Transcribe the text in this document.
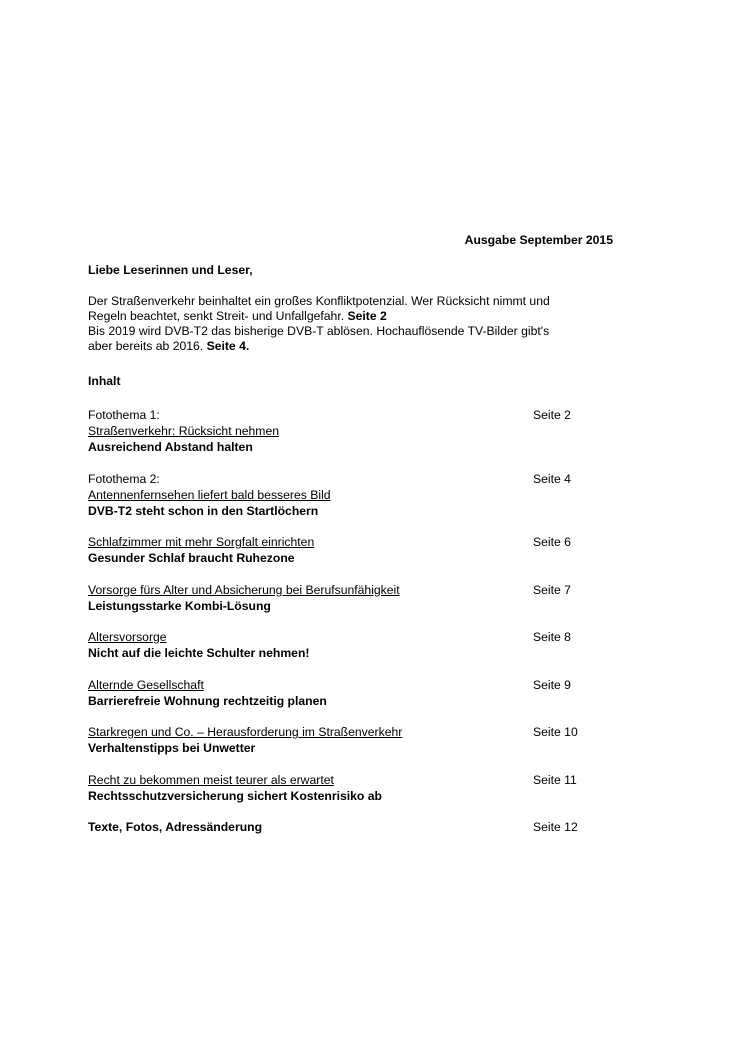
Ausgabe September 2015
Liebe Leserinnen und Leser,
Der Straßenverkehr beinhaltet ein großes Konfliktpotenzial. Wer Rücksicht nimmt und
Regeln beachtet, senkt Streit- und Unfallgefahr. Seite 2
Bis 2019 wird DVB-T2 das bisherige DVB-T ablösen. Hochauflösende TV-Bilder gibt's
aber bereits ab 2016. Seite 4.
Inhalt
Fotothema 1:
Straßenverkehr: Rücksicht nehmen
Ausreichend Abstand halten
Seite 2
Fotothema 2:
Antennenfernsehen liefert bald besseres Bild
DVB-T2 steht schon in den Startlöchern
Seite 4
Schlafzimmer mit mehr Sorgfalt einrichten
Gesunder Schlaf braucht Ruhezone
Seite 6
Vorsorge fürs Alter und Absicherung bei Berufsunfähigkeit
Leistungsstarke Kombi-Lösung
Seite 7
Altersvorsorge
Nicht auf die leichte Schulter nehmen!
Seite 8
Alternde Gesellschaft
Barrierefreie Wohnung rechtzeitig planen
Seite 9
Starkregen und Co. – Herausforderung im Straßenverkehr
Verhaltenstipps bei Unwetter
Seite 10
Recht zu bekommen meist teurer als erwartet
Rechtsschutzversicherung sichert Kostenrisiko ab
Seite 11
Texte, Fotos, Adressänderung	Seite 12
